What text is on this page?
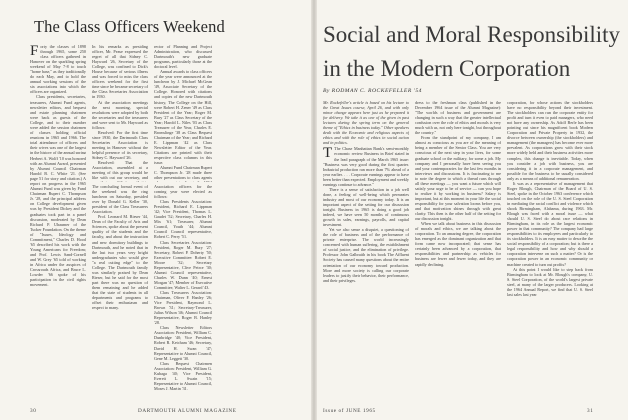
The Class Officers Weekend
F orty the classes of 1898 through 1965, some 250 class officers gathered in Hanover on the sparkling spring weekend of May 7-8 to touch "home base," as they traditionally do each May, and to hold the annual working sessions of the six associations into which the officers are organized.

Class presidents, secretaries, treasurers, Alumni Fund agents, newsletter editors, and bequest and estate planning chairmen were back as guests of the College, and to their number were added the session chairmen of classes holding official reunions in 1965 and 1966. The total attendance of officers and their wives was one of the largest in the history of the annual spring

Herbert A. Wolff '10 was honored with an Alumni Award, presented by Alumni Council Chairman Harold B. C. White '21. (See page 51 for story and citation.) A report on progress in the 1965 Alumni Fund was given by Fund Chairman Rupert C. Thompson Jr. '28, and the principal address on College development given was by President Dickey and the graduates took part in a panel discussion, moderated by Dean Richard P. Uhaumer of the Tucker Foundation. On the theme of "Issues, Ideology and Commitment," Charles D. Hood '65 described his work with the Young Americans for Freedom; and Prof. Lewis Sand-Cornell and W. Grey '65 told of working in Africa under the auspices of Crossroads Africa, and Bruce L. Lowder '66 spoke of his participation in the civil rights movement.

In his remarks as presiding officer, Mr. Pease expressed the regret of all that Sidney C. Hayward '26, Secretary of the College, was confined to Dick's House because of serious illness and was forced to miss the class officers weekend for the first time since he became secretary of the Class Secretaries Association in 1930.

At the association meetings the next morning, special resolutions were adopted by both the secretaries and the treasurers and were sent to Mr. Hayward as follows:

Resolved: For the first time since 1930, the Dartmouth Class Secretaries Association is meeting in Hanover without the helpful presence of its secretary, Sidney C. Hayward '26.

Resolved: That the Association, assembled at a meeting of this group would be like with out our secretary, and

The concluding formal event of the weekend was the ring luncheon on Saturday, presided over by Donald G. Keller '30, president of the Class Treasurers Association.

Prof. Leonard M. Rieser '44, Dean of the Faculty of Arts and Sciences, spoke about the present quality of the students and the faculty, and about the instruction and new dormitory buildings to Dartmouth, and he noted that in the last two years very bright undergraduates who would give "a real cutting edge" to the College. The Dartmouth family was similarly praised by Dean Rieser, but he said for the most part there was no question of them remaining and he added that the state of students in all departments and programs to offset their enthusiasm and respect to many.

rector of Planning and Project Administration, who discussed Dartmouth's new graduate programs, particularly those at the doctoral level.

Annual awards to class officers of the year were announced at the luncheon by J. Michael McGean '49, Associate Secretary of the College. Honored with citations and copies of the new Dartmouth history, The College on the Hill, were Robert H. Zener '49 as Class President of the Year; Roger M. Bury '27 as Class Secretary of the Year; Harold L. Niles '03 as Class Treasurer of the Year, Charles E. Bromslinge '38 as Class Bequest Chairman of the Year; and Richard E. Lippman '42 as Class Newsletter Editor of the Year. Citations are printed with their respective class columns in this issue.

Alumni Fund Chairman Rupert C. Thompson Jr. '28 made three other presentations to class agents

Association officers for the coming year were elected as follows:

Class Presidents Association: President, Richard E. Lippman '42; Vice President, Thomas L. Gaudet '52; Secretary, Charles H. Mix '61; Treasurer, Alumni Council, Youth '44; Alumni Council Council representative, Robert C. Perry '51.

Class Secretaries Association: President, Roger M. Bury '27; Secretary, Robert P. Doherty '50; Executive Committee: Robert E. Moore '32; Secretary Representative, Clive Peirce '30; Alumni Council representative, Charles W. Dunn '40; Ernest Morgan '47; Member of Executive Committee, Walter L. Gerard '43.

Class Treasurers Association: Chairman, Oliver F. Hanley '26; Vice President, Raymond L. Brown '31; Secretary-Treasurer, Julius Wilson '46; Alumni Council Representative, Roger B. Hanley '28.

Class Newsletter Editors Association: President, William C. Dunbridge '40; Vice President, Robert R. Ketcham '46; Secretary, David H. Swan '47; Representative to Alumni Council, Gene M. Leggett '30.

Class Bequest Chairmen Association: President, William G. Kubaga '40; Vice President, Everett L. Swain '15; Representative to Alumni Council, Moses J. Martin '31.

30	DARTMOUTH ALUMNI MAGAZINE
Social and Moral Responsibility
in the Modern Corporation
By RODMAN C. ROCKEFELLER '54

Mr. Rockefeller's article is based on his lecture to the Great Issues course, April 26, and with only minor change appears here just as he prepared it for delivery. We take it as one of the given in past lectures during the spring term on the general theme of "Ethics in business today." Other speakers dealt with the Economic and religious aspects of ethics and with the role of ethics in social action and in politics.

T The Chase Manhattan Bank's semi-monthly economic review Business in Brief stated in the lead paragraph of the March 1965 issue: "Business was very good during the first quarter. Industrial production ran more than 7% ahead of a year earlier. . . . Corporate earnings appear to have been better than expected. Employment and weekly earnings continue to advance."

There is a sense of satisfaction in a job well done, a feeling of well-being which permeates industry and most of our economy today. It is an important aspect of the setting for our discussion tonight. Business in 1965 is doing a good job indeed, we have seen 50 months of continuous growth in sales, earnings, payrolls, and capital investment.

Yet we also sense a disquiet, a questioning of the role of business and of the performance of private enterprise. The world increasingly concerned with human suffering, the establishment of social justice, and the elimination of privilege. Professor John Galbraith in his book The Affluent Society has caused many questions about the entire orientation of our economy toward production. More and more society is calling our corporate leaders to justify their behavior, their performance, and their privileges.

dress to the freshman class (published in the December 1964 issue of the Alumni Magazine): "The worlds of business and government are changing in such a way that the greater intellectual confusion over the role of ethics and morals is very much with us, not only here tonight, but throughout the country."

From the standpoint of my company, I am almost as conscious as you are of the meaning of being a member of the Senior Class. You are very conscious of the next step in your lives, for some graduate school or the military, for some a job. My company and I personally have been seeing you and your contemporaries for the last few months in interviews and discussions. It is fascinating to me to note the degree to which a thread runs through all these meetings — you want a future which will satisfy your urge to be of service — can you hope to realize it by working in business? Salary is important, but at this moment in your life the social responsibility for your salvation looms before you, and that motivation shines through with great clarity. This then is the other half of the setting for our discussion tonight.

When we talk about business in this discussion of morals and ethics, we are talking about the corporation. To an amazing degree, the corporation has emerged as the dominant organization and that form came now incorporated; that sense has certainly been advanced by a corporation, that responsibilities and partnership as vehicles for business are fewer and fewer today, and they are rapidly declining.

corporation, for whose actions the stockholders have no responsibility beyond their investment. The stockholders can run the corporate entity for profit and turn it even to paid managers, who need not have any ownership. As Adolf Berle has been pointing out since his magnificent book Modern Corporation and Private Property in 1932, the divorce between ownership (the stockholders) and management (the managers) has become ever more prevalent. As corporations grow with their stock more widely held and their business activities more complex, this change is inevitable. Today, when you consider a job with business, you are considering it in a corporate management, and possible for the business to be usually considered only as a means of additional remuneration.

It was as a representative of management that Roger Blough, Chairman of the Board of U. S. Steel, spoke in the October 1963 conference which touched on the role of the U. S. Steel Corporation in mediating the racial conflict and violence which shook Birmingham, Alabama, during 1963. Mr. Blough was faced with a moral issue — what should U. S. Steel do about race relations in Birmingham, in its role as the largest economic power in that community? The company had large responsibilities to its employees and particularly to its stockholders. It is an easy matter to describe the social responsibility of a corporation; but is there a legal responsibility and how and why should a corporation intervene on such a matter? Or is the corporation power in an economic community or machine created to turn out profits?

At this point I would like to step back from Birmingham to look at Mr. Blough's company, U. S. Steel Corporation, of the world's largest private steel, at many of the larger producers. Looking at the 1964 Annual Report, we find that U. S. Steel last sales last year

Issue of JUNE 1965	31
